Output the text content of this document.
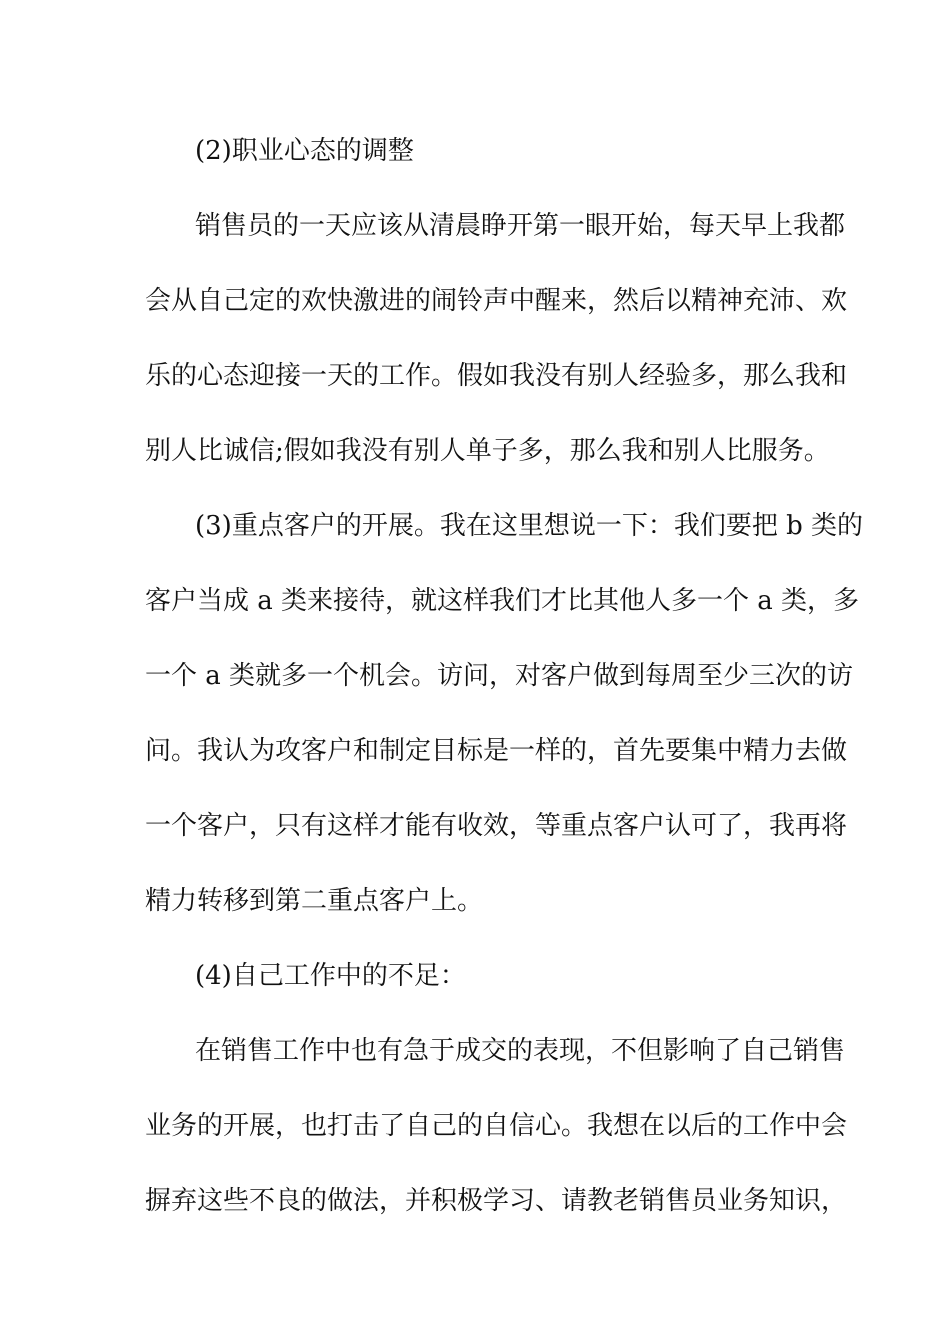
(2)职业心态的调整
销售员的一天应该从清晨睁开第一眼开始，每天早上我都
会从自己定的欢快激进的闹铃声中醒来，然后以精神充沛、欢
乐的心态迎接一天的工作。假如我没有别人经验多，那么我和
别人比诚信;假如我没有别人单子多，那么我和别人比服务。
(3)重点客户的开展。我在这里想说一下：我们要把 b 类的
客户当成 a 类来接待，就这样我们才比其他人多一个 a 类，多
一个 a 类就多一个机会。访问，对客户做到每周至少三次的访
问。我认为攻客户和制定目标是一样的，首先要集中精力去做
一个客户，只有这样才能有收效，等重点客户认可了，我再将
精力转移到第二重点客户上。
(4)自己工作中的不足：
在销售工作中也有急于成交的表现，不但影响了自己销售
业务的开展，也打击了自己的自信心。我想在以后的工作中会
摒弃这些不良的做法，并积极学习、请教老销售员业务知识，
